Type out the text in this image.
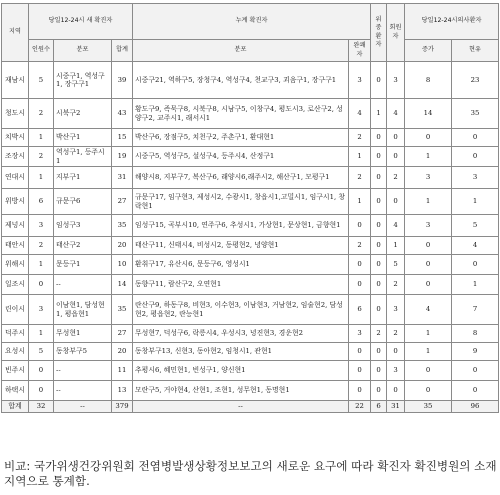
지역	당일12-24시 새 확진자			누계 확진자		위중환자	회원자	당일12-24시의사환자	
	인원수	분포	합계	분포	완쾌자			증가	현유
재남시	5	시중구1, 역성구1, 장구구1	39	시중구21, 역하구5, 장청구4, 역성구4, 천교구3, 괴음구1, 장구구1	3	0	3	8	23
청도시	2	시북구2	43	황도구9, 즉묵구8, 시북구8, 시남구5, 이창구4, 평도시3, 로산구2, 성양구2, 교주시1, 래서시1	4	1	4	14	35
치박시	1	박산구1	15	박산구6, 장점구5, 치천구2, 주촌구1, 환대현1	2	0	0	0	0
조장시	2	역성구1, 등주시1	19	시중구5, 역성구5, 설성구4, 등주시4, 산정구1	1	0	0	1	0
연대시	1	지부구1	31	해양시8, 지부구7, 복산구6, 래양시6,래주시2, 해산구1, 모평구1	2	0	2	3	3
위방시	6	규문구6	27	규문구17, 임구현3, 제성시2, 수광시1, 창읍시1,고밀시1, 임구시1, 창락현1	1	0	0	1	1
제넝시	3	임성구3	35	임성구15, 곡부시10, 연주구6, 추성시1, 가상현1, 문상현1, 금향현1	0	0	4	3	5
태안시	2	태산구2	20	태산구11, 신태시4, 비성시2, 동평현2, 녕양현1	2	0	1	0	4
위해시	1	문등구1	10	환취구17, 유산시6, 문등구6, 영성시1	0	0	5	0	0
일조시	0	--	14	동향구11, 람산구2, 오연현1	0	0	2	0	1
린이시	3	이남현1, 담성현1, 평읍현1	35	란산구9, 하동구8, 비현3, 이수현3, 이남현3, 거남현2, 임술현2, 담성현2, 평읍현2, 란능현1	6	0	3	4	7
덕주시	1	무성현1	27	무성현7, 덕성구6, 락릉시4, 우성시3, 녕진현3, 경운현2	3	2	2	1	8
요성시	5	동창부구5	20	동창부구13, 신현3, 동아현2, 임청시1, 관현1	0	0	0	1	9
빈주시	0	--	11	추평시6, 혜민현1, 빈성구1, 양신현1	0	0	3	0	0
하택시	0	--	13	모란구5, 거야현4, 산현1, 조현1, 성무현1, 동명현1	0	0	0	0	0
합계	32	--	379	--	22	6	31	35	96
비교: 국가위생건강위원회 전염병발생상황정보보고의 새로운 요구에 따라 확진자 확진병원의 소재지역으로 통계함.
